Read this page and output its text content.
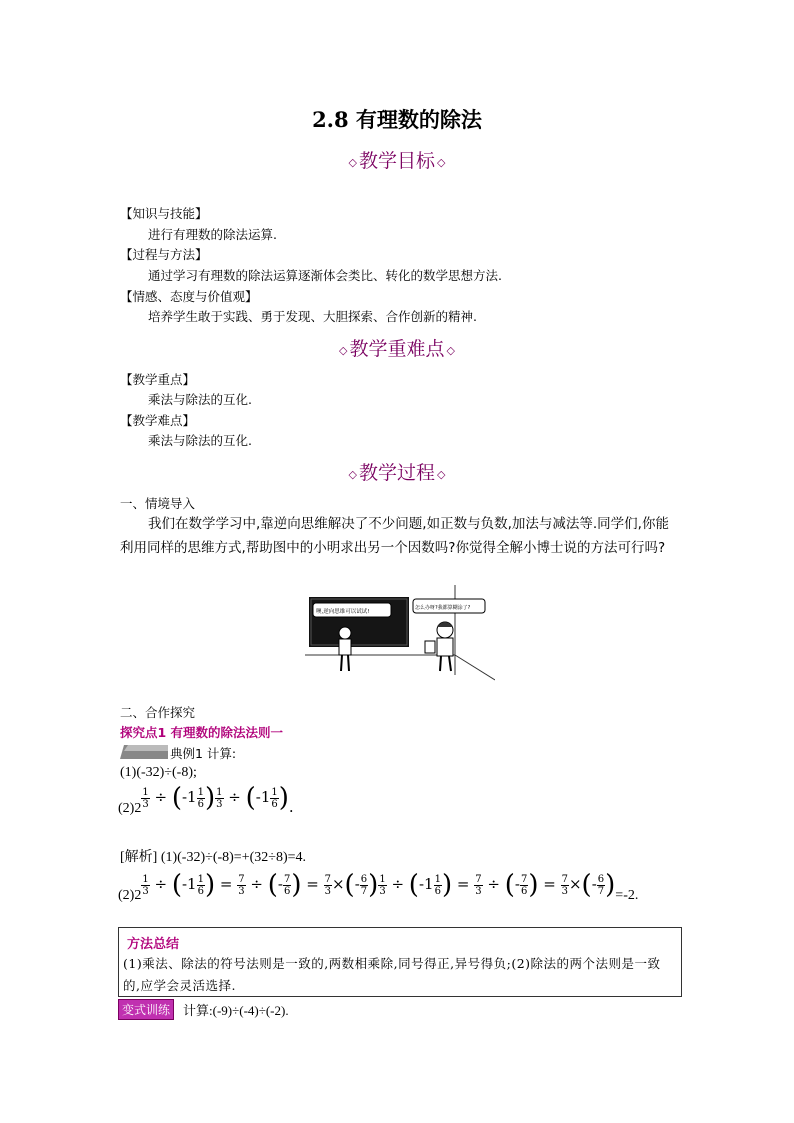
2.8 有理数的除法
◇ 教学目标 ◇
【知识与技能】
进行有理数的除法运算.
【过程与方法】
通过学习有理数的除法运算逐渐体会类比、转化的数学思想方法.
【情感、态度与价值观】
培养学生敢于实践、勇于发现、大胆探索、合作创新的精神.
◇ 教学重难点 ◇
【教学重点】
乘法与除法的互化.
【教学难点】
乘法与除法的互化.
◇ 教学过程 ◇
一、情境导入
我们在数学学习中,靠逆向思维解决了不少问题,如正数与负数,加法与减法等.同学们,你能利用同样的思维方式,帮助图中的小明求出另一个因数吗?你觉得全解小博士说的方法可行吗?
噢,逆向思维可以试试!
怎么办呀?我都算糊涂了?
二、合作探究
探究点1 有理数的除法法则一
典例1 计算:
(1)(-32)÷(-8);
$(2)2 \frac{1}{3} \div (-1 \frac{1}{6}$ ) $\frac{1}{3} \div (-1 \frac{1}{6}$ ).
[解析] (1)(-32)÷(-8)=+(32÷8)=4.
$(2)2 \frac{1}{3} \div (-1 \frac{1}{6}$ ) = $\frac{7}{3}$ ÷ (- $\frac{7}{6}$ ) = $\frac{7}{3}$ ×(- $\frac{6}{7}$ ) $\frac{1}{3} \div (-1 \frac{1}{6}$ ) = $\frac{7}{3}$ ÷ (- $\frac{7}{6}$ ) = $\frac{7}{3}$ ×(- $\frac{6}{7} )=-2$.
方法总结
(1)乘法、除法的符号法则是一致的,两数相乘除,同号得正,异号得负;(2)除法的两个法则是一致的,应学会灵活选择.
变式训练 计算:(-9)÷(-4)÷(-2).
